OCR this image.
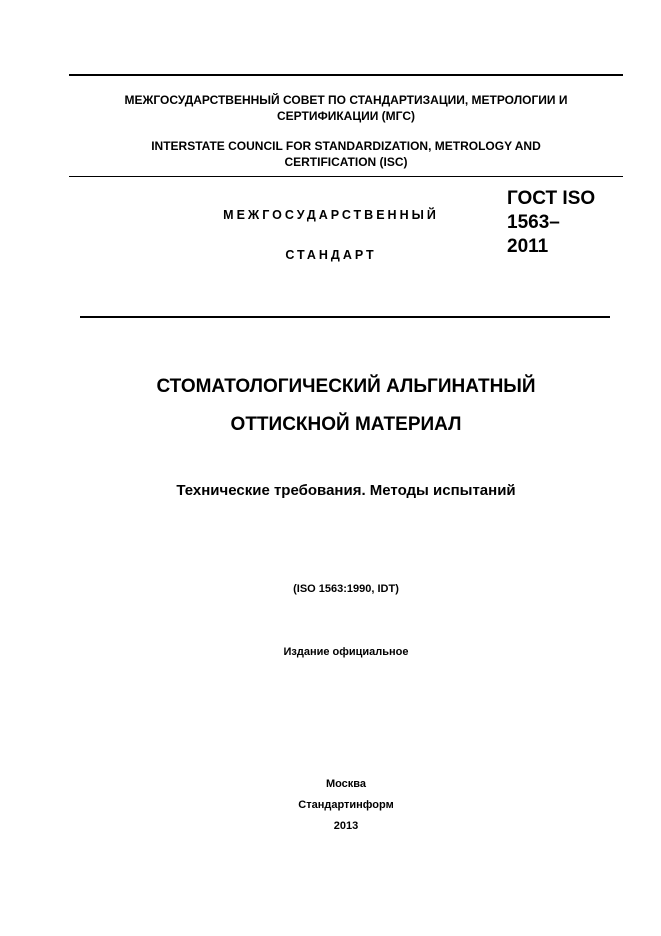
МЕЖГОСУДАРСТВЕННЫЙ СОВЕТ ПО СТАНДАРТИЗАЦИИ, МЕТРОЛОГИИ И
СЕРТИФИКАЦИИ (МГС)
INTERSTATE COUNCIL FOR STANDARDIZATION, METROLOGY AND
CERTIFICATION (ISC)
МЕЖГОСУДАРСТВЕННЫЙ
СТАНДАРТ
ГОСТ ISO
1563–
2011
СТОМАТОЛОГИЧЕСКИЙ АЛЬГИНАТНЫЙ
ОТТИСКНОЙ МАТЕРИАЛ
Технические требования. Методы испытаний
(ISO 1563:1990, IDT)
Издание официальное
Москва
Стандартинформ
2013
